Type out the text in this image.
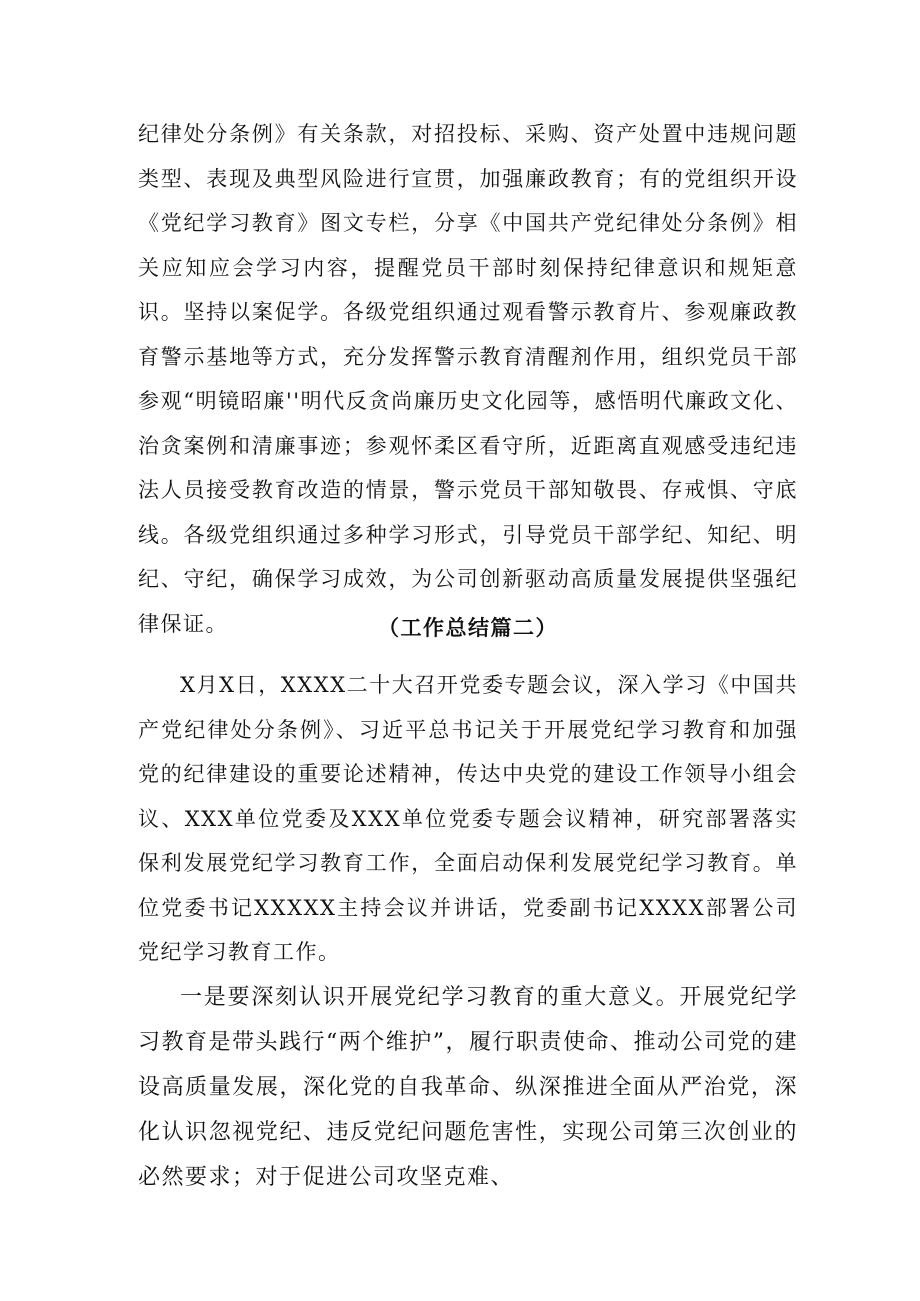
纪律处分条例》有关条款，对招投标、采购、资产处置中违规问题类型、表现及典型风险进行宣贯，加强廉政教育；有的党组织开设《党纪学习教育》图文专栏，分享《中国共产党纪律处分条例》相关应知应会学习内容，提醒党员干部时刻保持纪律意识和规矩意识。坚持以案促学。各级党组织通过观看警示教育片、参观廉政教育警示基地等方式，充分发挥警示教育清醒剂作用，组织党员干部参观“明镜昭廉''明代反贪尚廉历史文化园等，感悟明代廉政文化、治贪案例和清廉事迹；参观怀柔区看守所，近距离直观感受违纪违法人员接受教育改造的情景，警示党员干部知敬畏、存戒惧、守底线。各级党组织通过多种学习形式，引导党员干部学纪、知纪、明纪、守纪，确保学习成效，为公司创新驱动高质量发展提供坚强纪律保证。	（工作总结篇二）

X月X日，XXXX二十大召开党委专题会议，深入学习《中国共产党纪律处分条例》、习近平总书记关于开展党纪学习教育和加强党的纪律建设的重要论述精神，传达中央党的建设工作领导小组会议、XXX单位党委及XXX单位党委专题会议精神，研究部署落实保利发展党纪学习教育工作，全面启动保利发展党纪学习教育。单位党委书记XXXXX主持会议并讲话，党委副书记XXXX部署公司党纪学习教育工作。

一是要深刻认识开展党纪学习教育的重大意义。开展党纪学习教育是带头践行“两个维护”，履行职责使命、推动公司党的建设高质量发展，深化党的自我革命、纵深推进全面从严治党，深化认识忽视党纪、违反党纪问题危害性，实现公司第三次创业的必然要求；对于促进公司攻坚克难、
